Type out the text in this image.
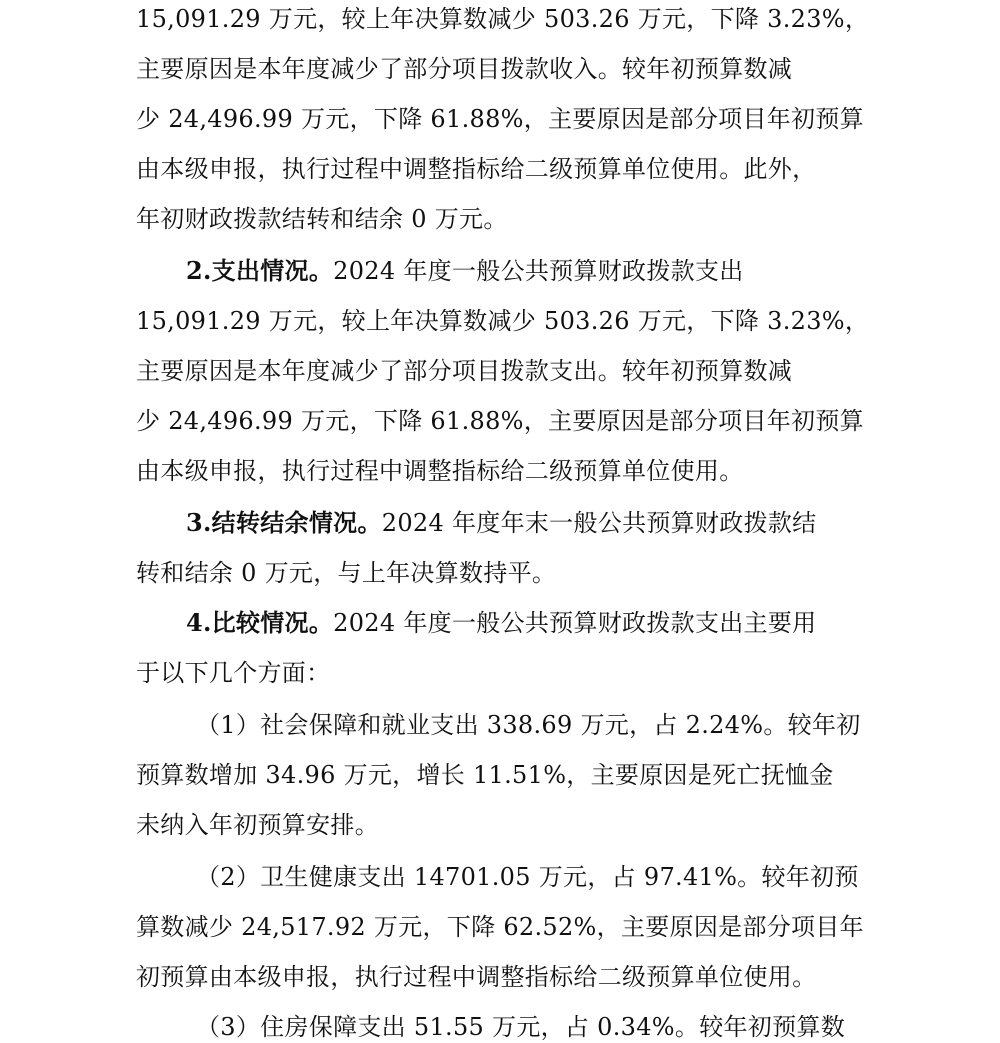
15,091.29 万元，较上年决算数减少 503.26 万元，下降 3.23%，
主要原因是本年度减少了部分项目拨款收入。较年初预算数减
少 24,496.99 万元，下降 61.88%，主要原因是部分项目年初预算
由本级申报，执行过程中调整指标给二级预算单位使用。此外，
年初财政拨款结转和结余 0 万元。
2.支出情况。2024 年度一般公共预算财政拨款支出
15,091.29 万元，较上年决算数减少 503.26 万元，下降 3.23%，
主要原因是本年度减少了部分项目拨款支出。较年初预算数减
少 24,496.99 万元，下降 61.88%，主要原因是部分项目年初预算
由本级申报，执行过程中调整指标给二级预算单位使用。
3.结转结余情况。2024 年度年末一般公共预算财政拨款结
转和结余 0 万元，与上年决算数持平。
4.比较情况。2024 年度一般公共预算财政拨款支出主要用
于以下几个方面：
（1）社会保障和就业支出 338.69 万元，占 2.24%。较年初
预算数增加 34.96 万元，增长 11.51%，主要原因是死亡抚恤金
未纳入年初预算安排。
（2）卫生健康支出 14701.05 万元，占 97.41%。较年初预
算数减少 24,517.92 万元，下降 62.52%，主要原因是部分项目年
初预算由本级申报，执行过程中调整指标给二级预算单位使用。
（3）住房保障支出 51.55 万元，占 0.34%。较年初预算数
